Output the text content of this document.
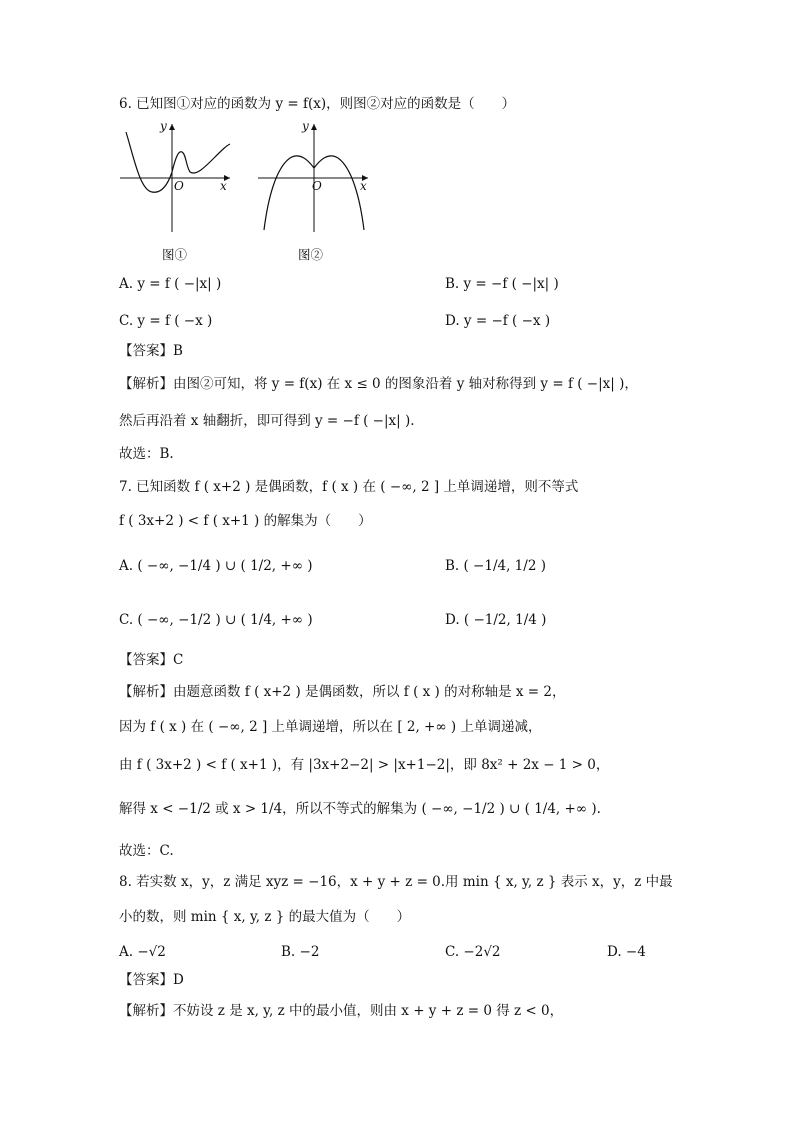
6. 已知图①对应的函数为 y = f(x)，则图②对应的函数是（　　）
x
y
O
图①
x
y
O
图②
A. y = f ( −|x| )	B. y = −f ( −|x| )
C. y = f ( −x )	D. y = −f ( −x )
【答案】B
【解析】由图②可知，将 y = f(x) 在 x ≤ 0 的图象沿着 y 轴对称得到 y = f ( −|x| )，
然后再沿着 x 轴翻折，即可得到 y = −f ( −|x| ).
故选：B.
7. 已知函数 f ( x+2 ) 是偶函数，f ( x ) 在 ( −∞, 2 ] 上单调递增，则不等式
f ( 3x+2 ) < f ( x+1 ) 的解集为（　　）
A. ( −∞, −1/4 ) ∪ ( 1/2, +∞ )	B. ( −1/4, 1/2 )
C. ( −∞, −1/2 ) ∪ ( 1/4, +∞ )	D. ( −1/2, 1/4 )
【答案】C
【解析】由题意函数 f ( x+2 ) 是偶函数，所以 f ( x ) 的对称轴是 x = 2，
因为 f ( x ) 在 ( −∞, 2 ] 上单调递增，所以在 [ 2, +∞ ) 上单调递减，
由 f ( 3x+2 ) < f ( x+1 )，有 |3x+2−2| > |x+1−2|，即 8x² + 2x − 1 > 0，
解得 x < −1/2 或 x > 1/4，所以不等式的解集为 ( −∞, −1/2 ) ∪ ( 1/4, +∞ ).
故选：C.
8. 若实数 x，y，z 满足 xyz = −16，x + y + z = 0.用 min { x, y, z } 表示 x，y，z 中最
小的数，则 min { x, y, z } 的最大值为（　　）
A. −√2	B. −2	C. −2√2	D. −4
【答案】D
【解析】不妨设 z 是 x, y, z 中的最小值，则由 x + y + z = 0 得 z < 0，
